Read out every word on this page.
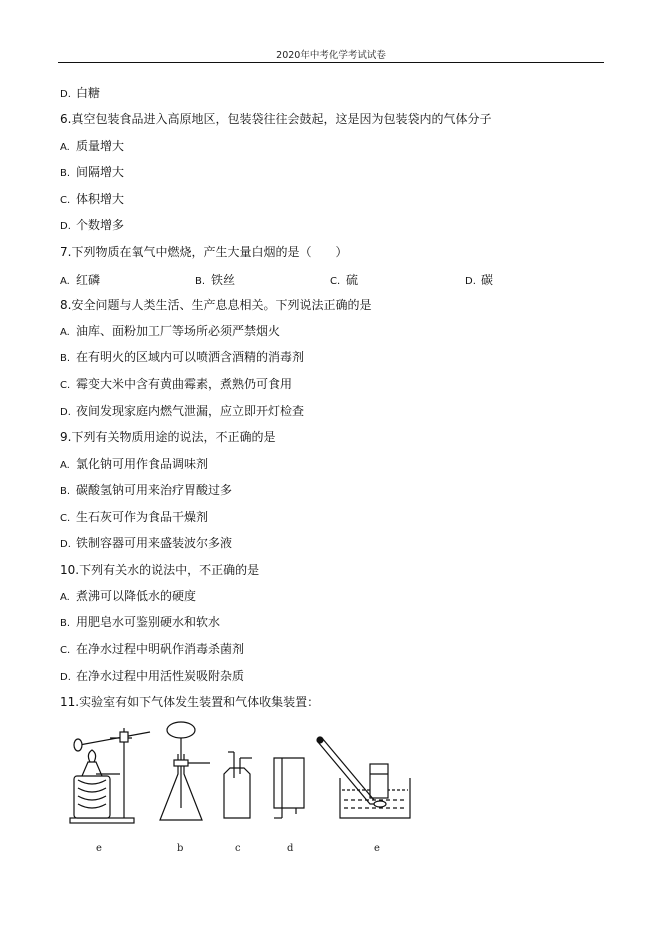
2020年中考化学考试试卷
D. 白糖
6.真空包装食品进入高原地区，包装袋往往会鼓起，这是因为包装袋内的气体分子
A. 质量增大
B. 间隔增大
C. 体积增大
D. 个数增多
7.下列物质在氧气中燃烧，产生大量白烟的是（　　）
A. 红磷	B. 铁丝	C. 硫	D. 碳
8.安全问题与人类生活、生产息息相关。下列说法正确的是
A. 油库、面粉加工厂等场所必须严禁烟火
B. 在有明火的区域内可以喷洒含酒精的消毒剂
C. 霉变大米中含有黄曲霉素，煮熟仍可食用
D. 夜间发现家庭内燃气泄漏，应立即开灯检查
9.下列有关物质用途的说法，不正确的是
A. 氯化钠可用作食品调味剂
B. 碳酸氢钠可用来治疗胃酸过多
C. 生石灰可作为食品干燥剂
D. 铁制容器可用来盛装波尔多液
10.下列有关水的说法中，不正确的是
A. 煮沸可以降低水的硬度
B. 用肥皂水可鉴别硬水和软水
C. 在净水过程中明矾作消毒杀菌剂
D. 在净水过程中用活性炭吸附杂质
11.实验室有如下气体发生装置和气体收集装置：
e	b	c	d	e
